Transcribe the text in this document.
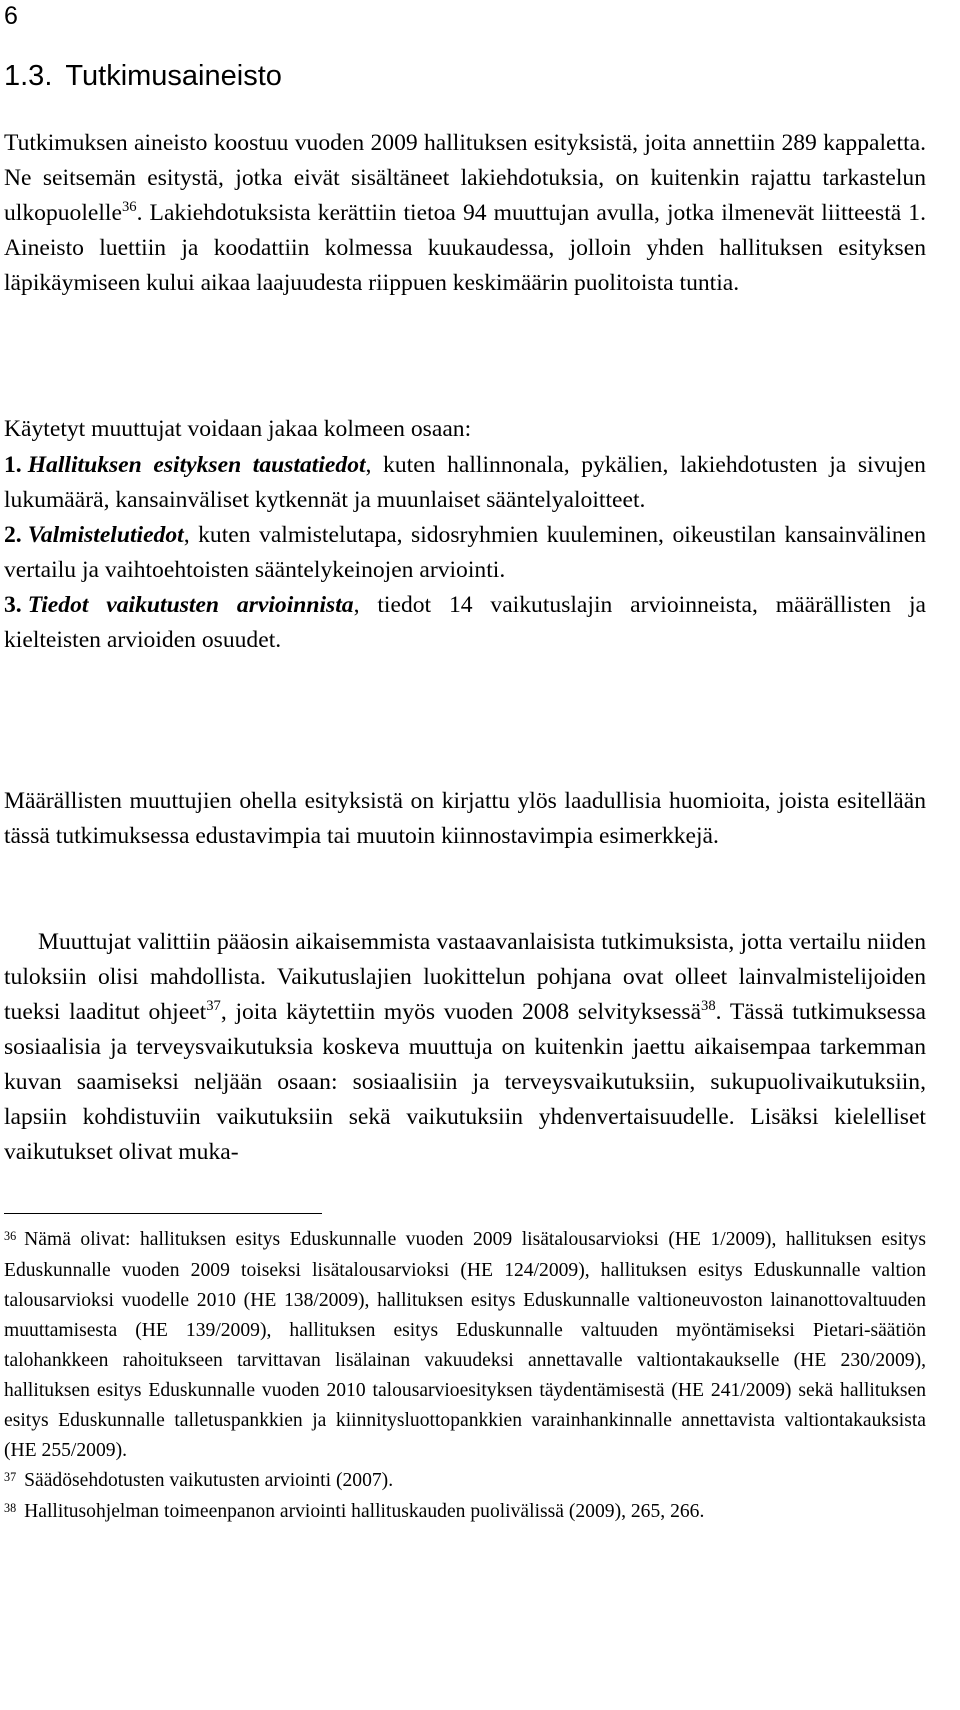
6
1.3. Tutkimusaineisto

Tutkimuksen aineisto koostuu vuoden 2009 hallituksen esityksistä, joita annettiin 289 kappaletta. Ne seitsemän esitystä, jotka eivät sisältäneet lakiehdotuksia, on kuitenkin rajattu tarkastelun ulkopuolelle$^{36}$. Lakiehdotuksista kerättiin tietoa 94 muuttujan avulla, jotka ilmenevät liitteestä 1. Aineisto luettiin ja koodattiin kolmessa kuukaudessa, jolloin yhden hallituksen esityksen läpikäymiseen kului aikaa laajuudesta riippuen keskimäärin puolitoista tuntia.

Käytetyt muuttujat voidaan jakaa kolmeen osaan:

1. Hallituksen esityksen taustatiedot, kuten hallinnonala, pykälien, lakiehdotusten ja sivujen lukumäärä, kansainväliset kytkennät ja muunlaiset sääntelyaloitteet.
2. Valmistelutiedot, kuten valmistelutapa, sidosryhmien kuuleminen, oikeustilan kansainvälinen vertailu ja vaihtoehtoisten sääntelykeinojen arviointi.
3. Tiedot vaikutusten arvioinnista, tiedot 14 vaikutuslajin arvioinneista, määrällisten ja kielteisten arvioiden osuudet.

Määrällisten muuttujien ohella esityksistä on kirjattu ylös laadullisia huomioita, joista esitellään tässä tutkimuksessa edustavimpia tai muutoin kiinnostavimpia esimerkkejä.

Muuttujat valittiin pääosin aikaisemmista vastaavanlaisista tutkimuksista, jotta vertailu niiden tuloksiin olisi mahdollista. Vaikutuslajien luokittelun pohjana ovat olleet lainvalmistelijoiden tueksi laaditut ohjeet$^{37}$, joita käytettiin myös vuoden 2008 selvityksessä$^{38}$. Tässä tutkimuksessa sosiaalisia ja terveysvaikutuksia koskeva muuttuja on kuitenkin jaettu aikaisempaa tarkemman kuvan saamiseksi neljään osaan: sosiaalisiin ja terveysvaikutuksiin, sukupuolivaikutuksiin, lapsiin kohdistuviin vaikutuksiin sekä vaikutuksiin yhdenvertaisuudelle. Lisäksi kielelliset vaikutukset olivat muka-

$^{36}$ Nämä olivat: hallituksen esitys Eduskunnalle vuoden 2009 lisätalousarvioksi (HE 1/2009), hallituksen esitys Eduskunnalle vuoden 2009 toiseksi lisätalousarvioksi (HE 124/2009), hallituksen esitys Eduskunnalle valtion talousarvioksi vuodelle 2010 (HE 138/2009), hallituksen esitys Eduskunnalle valtioneuvoston lainanottovaltuuden muuttamisesta (HE 139/2009), hallituksen esitys Eduskunnalle valtuuden myöntämiseksi Pietari-säätiön talohankkeen rahoitukseen tarvittavan lisälainan vakuudeksi annettavalle valtiontakaukselle (HE 230/2009), hallituksen esitys Eduskunnalle vuoden 2010 talousarvioesityksen täydentämisestä (HE 241/2009) sekä hallituksen esitys Eduskunnalle talletuspankkien ja kiinnitysluottopankkien varainhankinnalle annettavista valtiontakauksista (HE 255/2009).

$^{37}$ Säädösehdotusten vaikutusten arviointi (2007).

$^{38}$ Hallitusohjelman toimeenpanon arviointi hallituskauden puolivälissä (2009), 265, 266.
